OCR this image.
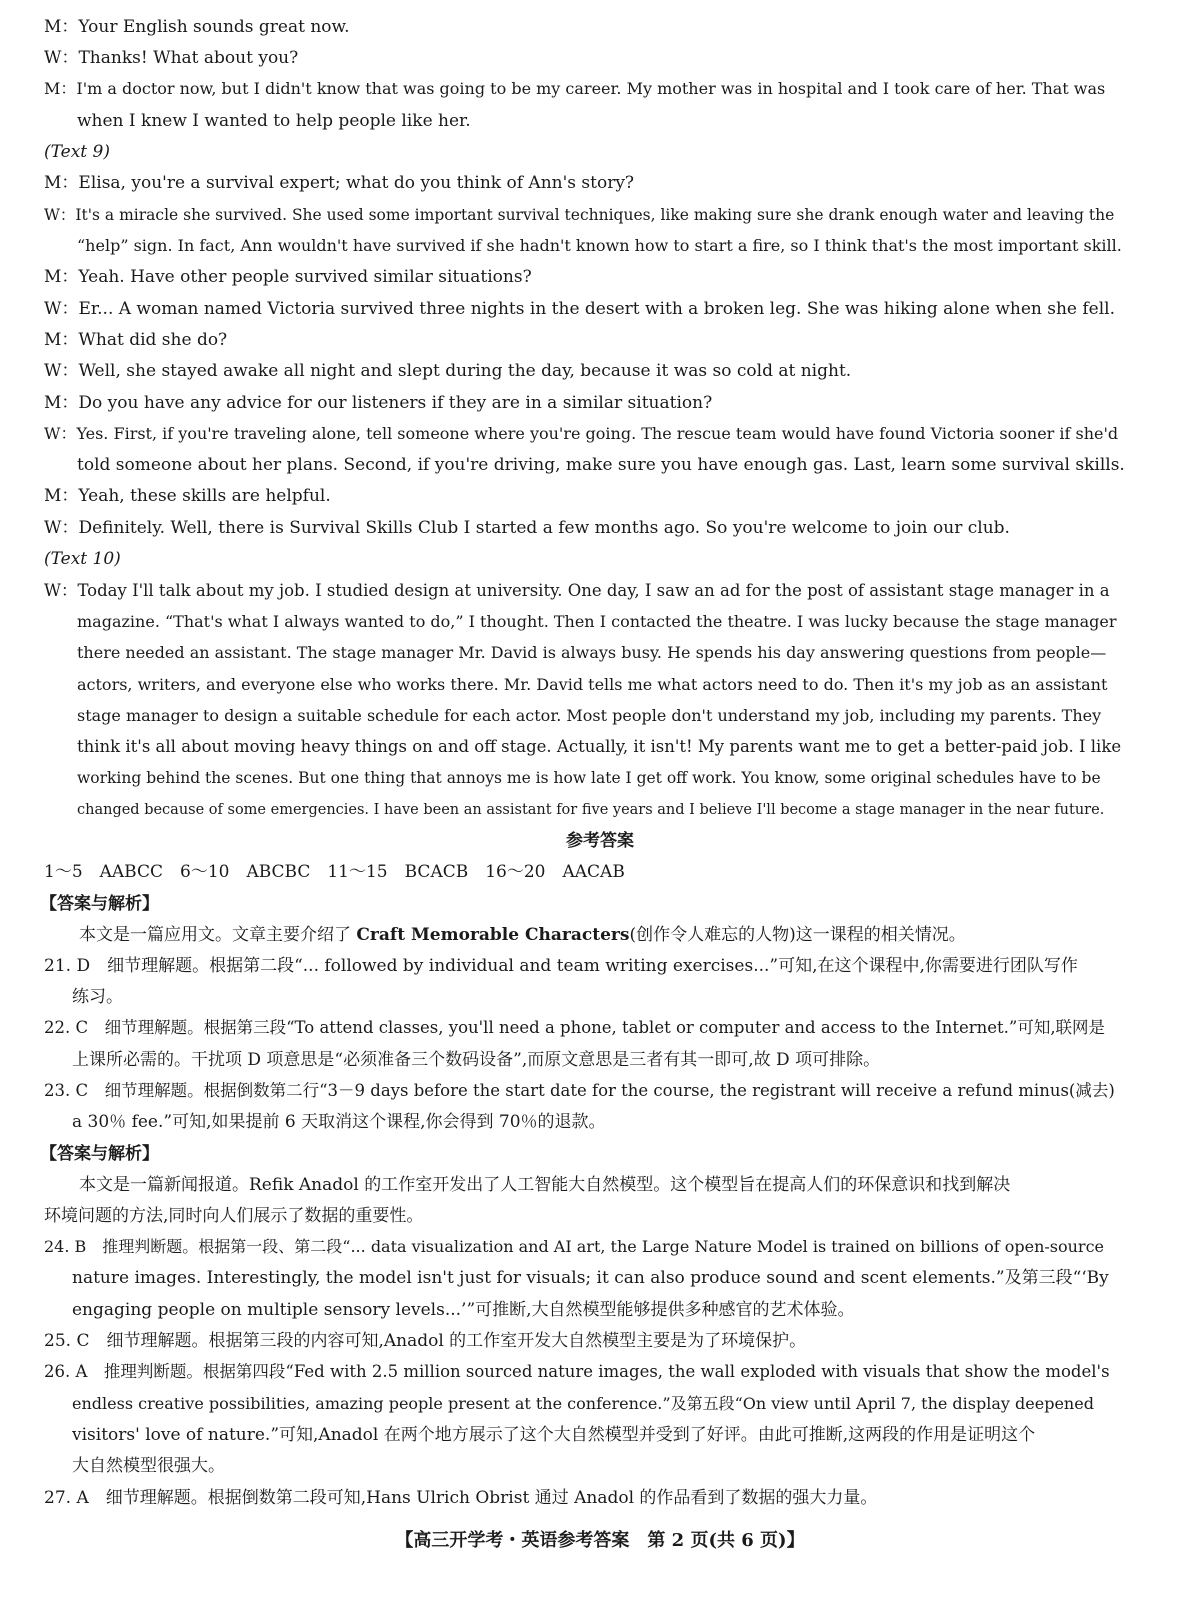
M：Your English sounds great now.
W：Thanks! What about you?
M：I'm a doctor now, but I didn't know that was going to be my career. My mother was in hospital and I took care of her. That was
when I knew I wanted to help people like her.
(Text 9)
M：Elisa, you're a survival expert; what do you think of Ann's story?
W：It's a miracle she survived. She used some important survival techniques, like making sure she drank enough water and leaving the
“help” sign. In fact, Ann wouldn't have survived if she hadn't known how to start a fire, so I think that's the most important skill.
M：Yeah. Have other people survived similar situations?
W：Er... A woman named Victoria survived three nights in the desert with a broken leg. She was hiking alone when she fell.
M：What did she do?
W：Well, she stayed awake all night and slept during the day, because it was so cold at night.
M：Do you have any advice for our listeners if they are in a similar situation?
W：Yes. First, if you're traveling alone, tell someone where you're going. The rescue team would have found Victoria sooner if she'd
told someone about her plans. Second, if you're driving, make sure you have enough gas. Last, learn some survival skills.
M：Yeah, these skills are helpful.
W：Definitely. Well, there is Survival Skills Club I started a few months ago. So you're welcome to join our club.
(Text 10)
W：Today I'll talk about my job. I studied design at university. One day, I saw an ad for the post of assistant stage manager in a
magazine. “That's what I always wanted to do,” I thought. Then I contacted the theatre. I was lucky because the stage manager
there needed an assistant. The stage manager Mr. David is always busy. He spends his day answering questions from people—
actors, writers, and everyone else who works there. Mr. David tells me what actors need to do. Then it's my job as an assistant
stage manager to design a suitable schedule for each actor. Most people don't understand my job, including my parents. They
think it's all about moving heavy things on and off stage. Actually, it isn't! My parents want me to get a better-paid job. I like
working behind the scenes. But one thing that annoys me is how late I get off work. You know, some original schedules have to be
changed because of some emergencies. I have been an assistant for five years and I believe I'll become a stage manager in the near future.
参考答案
1～5　AABCC　6～10　ABCBC　11～15　BCACB　16～20　AACAB
【答案与解析】
本文是一篇应用文。文章主要介绍了 Craft Memorable Characters(创作令人难忘的人物)这一课程的相关情况。
21. D　细节理解题。根据第二段“... followed by individual and team writing exercises...”可知,在这个课程中,你需要进行团队写作
练习。
22. C　细节理解题。根据第三段“To attend classes, you'll need a phone, tablet or computer and access to the Internet.”可知,联网是
上课所必需的。干扰项 D 项意思是“必须准备三个数码设备”,而原文意思是三者有其一即可,故 D 项可排除。
23. C　细节理解题。根据倒数第二行“3－9 days before the start date for the course, the registrant will receive a refund minus(减去)
a 30％ fee.”可知,如果提前 6 天取消这个课程,你会得到 70％的退款。
【答案与解析】
本文是一篇新闻报道。Refik Anadol 的工作室开发出了人工智能大自然模型。这个模型旨在提高人们的环保意识和找到解决
环境问题的方法,同时向人们展示了数据的重要性。
24. B　推理判断题。根据第一段、第二段“... data visualization and AI art, the Large Nature Model is trained on billions of open-source
nature images. Interestingly, the model isn't just for visuals; it can also produce sound and scent elements.”及第三段“‘By
engaging people on multiple sensory levels...’”可推断,大自然模型能够提供多种感官的艺术体验。
25. C　细节理解题。根据第三段的内容可知,Anadol 的工作室开发大自然模型主要是为了环境保护。
26. A　推理判断题。根据第四段“Fed with 2.5 million sourced nature images, the wall exploded with visuals that show the model's
endless creative possibilities, amazing people present at the conference.”及第五段“On view until April 7, the display deepened
visitors' love of nature.”可知,Anadol 在两个地方展示了这个大自然模型并受到了好评。由此可推断,这两段的作用是证明这个
大自然模型很强大。
27. A　细节理解题。根据倒数第二段可知,Hans Ulrich Obrist 通过 Anadol 的作品看到了数据的强大力量。
【高三开学考・英语参考答案　第 2 页(共 6 页)】
